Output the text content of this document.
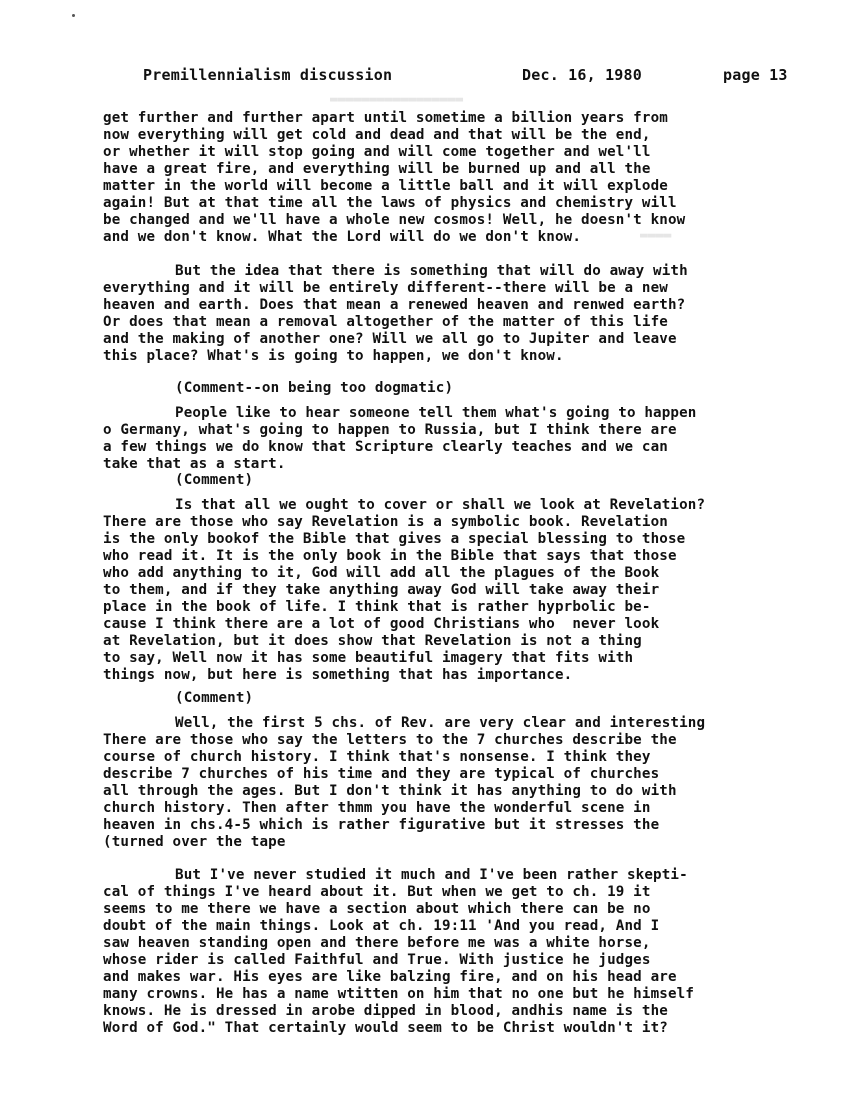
▬▬▬▬▬▬▬▬▬▬▬▬▬▬▬▬▬
▬▬▬▬
Premillennialism discussion	Dec. 16, 1980	page 13
get further and further apart until sometime a billion years from
now everything will get cold and dead and that will be the end,
or whether it will stop going and will come together and wel'll
have a great fire, and everything will be burned up and all the
matter in the world will become a little ball and it will explode
again! But at that time all the laws of physics and chemistry will
be changed and we'll have a whole new cosmos! Well, he doesn't know
and we don't know. What the Lord will do we don't know.
But the idea that there is something that will do away with
everything and it will be entirely different--there will be a new
heaven and earth. Does that mean a renewed heaven and renwed earth?
Or does that mean a removal altogether of the matter of this life
and the making of another one? Will we all go to Jupiter and leave
this place? What's is going to happen, we don't know.
(Comment--on being too dogmatic)
People like to hear someone tell them what's going to happen
o Germany, what's going to happen to Russia, but I think there are
a few things we do know that Scripture clearly teaches and we can
take that as a start.
(Comment)
Is that all we ought to cover or shall we look at Revelation?
There are those who say Revelation is a symbolic book. Revelation
is the only bookof the Bible that gives a special blessing to those
who read it. It is the only book in the Bible that says that those
who add anything to it, God will add all the plagues of the Book
to them, and if they take anything away God will take away their
place in the book of life. I think that is rather hyprbolic be-
cause I think there are a lot of good Christians who  never look
at Revelation, but it does show that Revelation is not a thing
to say, Well now it has some beautiful imagery that fits with
things now, but here is something that has importance.
(Comment)
Well, the first 5 chs. of Rev. are very clear and interesting
There are those who say the letters to the 7 churches describe the
course of church history. I think that's nonsense. I think they
describe 7 churches of his time and they are typical of churches
all through the ages. But I don't think it has anything to do with
church history. Then after thmm you have the wonderful scene in
heaven in chs.4-5 which is rather figurative but it stresses the
(turned over the tape
But I've never studied it much and I've been rather skepti-
cal of things I've heard about it. But when we get to ch. 19 it
seems to me there we have a section about which there can be no
doubt of the main things. Look at ch. 19:11 'And you read, And I
saw heaven standing open and there before me was a white horse,
whose rider is called Faithful and True. With justice he judges
and makes war. His eyes are like balzing fire, and on his head are
many crowns. He has a name wtitten on him that no one but he himself
knows. He is dressed in arobe dipped in blood, andhis name is the
Word of God." That certainly would seem to be Christ wouldn't it?
